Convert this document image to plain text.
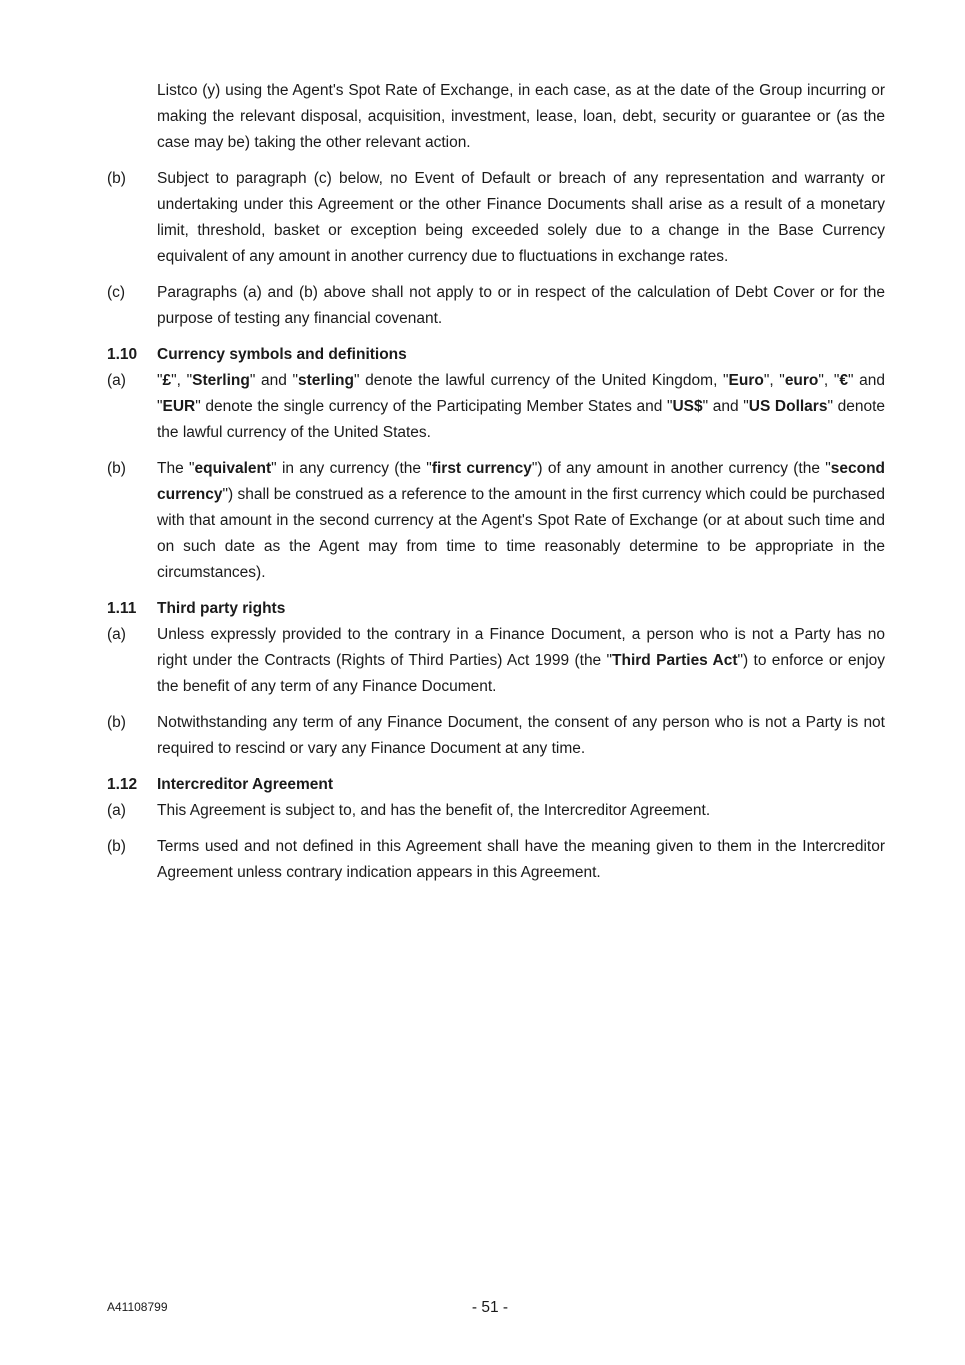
Listco (y) using the Agent's Spot Rate of Exchange, in each case, as at the date of the Group incurring or making the relevant disposal, acquisition, investment, lease, loan, debt, security or guarantee or (as the case may be) taking the other relevant action.

(b)	Subject to paragraph (c) below, no Event of Default or breach of any representation and warranty or undertaking under this Agreement or the other Finance Documents shall arise as a result of a monetary limit, threshold, basket or exception being exceeded solely due to a change in the Base Currency equivalent of any amount in another currency due to fluctuations in exchange rates.
(c)	Paragraphs (a) and (b) above shall not apply to or in respect of the calculation of Debt Cover or for the purpose of testing any financial covenant.
1.10	Currency symbols and definitions
(a)	"£", "Sterling" and "sterling" denote the lawful currency of the United Kingdom, "Euro", "euro", "€" and "EUR" denote the single currency of the Participating Member States and "US$" and "US Dollars" denote the lawful currency of the United States.
(b)	The "equivalent" in any currency (the "first currency") of any amount in another currency (the "second currency") shall be construed as a reference to the amount in the first currency which could be purchased with that amount in the second currency at the Agent's Spot Rate of Exchange (or at about such time and on such date as the Agent may from time to time reasonably determine to be appropriate in the circumstances).
1.11	Third party rights
(a)	Unless expressly provided to the contrary in a Finance Document, a person who is not a Party has no right under the Contracts (Rights of Third Parties) Act 1999 (the "Third Parties Act") to enforce or enjoy the benefit of any term of any Finance Document.
(b)	Notwithstanding any term of any Finance Document, the consent of any person who is not a Party is not required to rescind or vary any Finance Document at any time.
1.12	Intercreditor Agreement
(a)	This Agreement is subject to, and has the benefit of, the Intercreditor Agreement.
(b)	Terms used and not defined in this Agreement shall have the meaning given to them in the Intercreditor Agreement unless contrary indication appears in this Agreement.
A41108799	- 51 -
